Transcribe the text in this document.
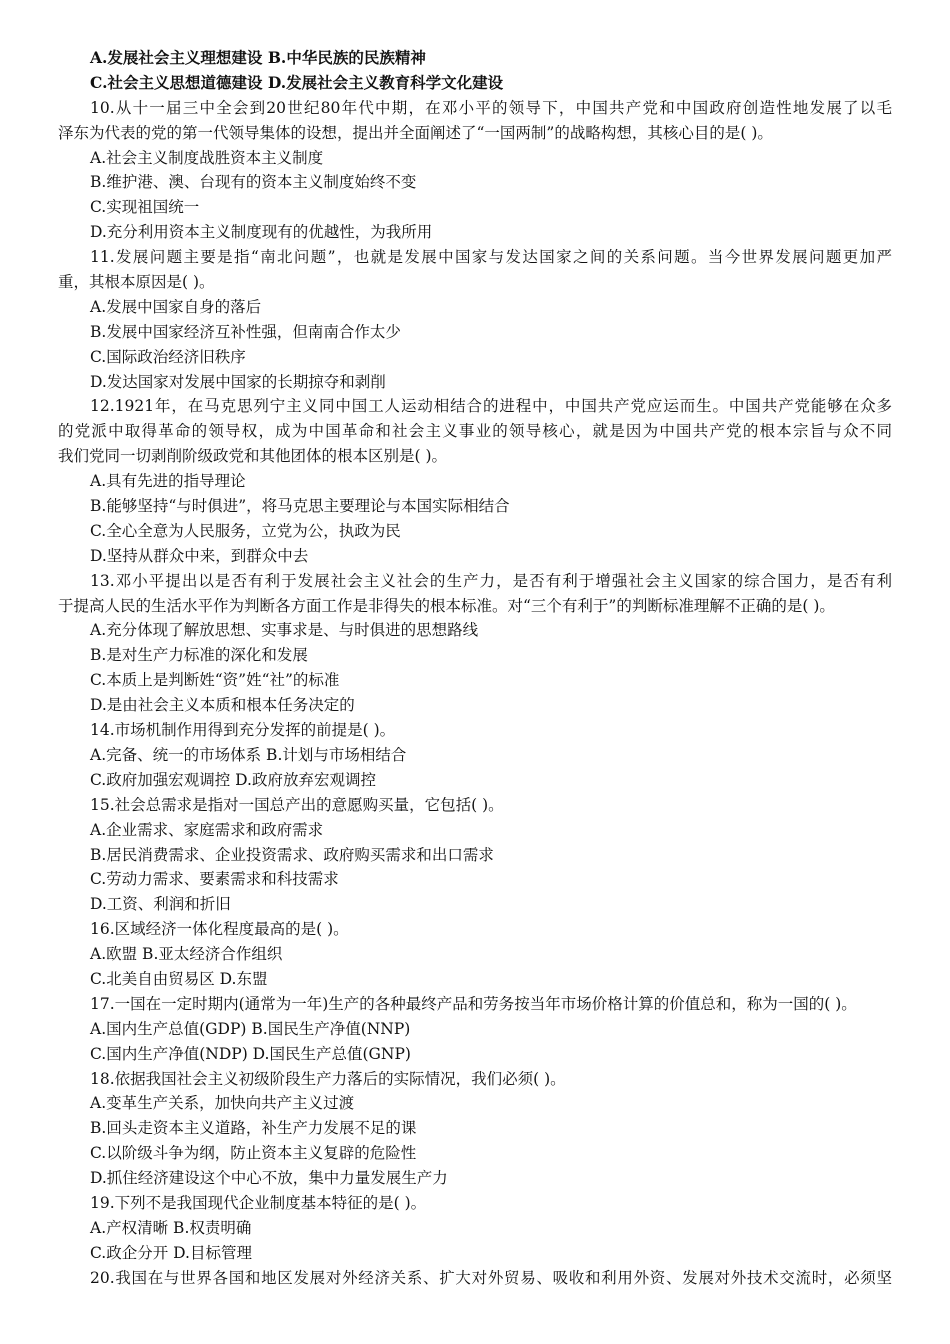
A.发展社会主义理想建设 B.中华民族的民族精神
C.社会主义思想道德建设 D.发展社会主义教育科学文化建设
10.从十一届三中全会到20世纪80年代中期，在邓小平的领导下，中国共产党和中国政府创造性地发展了以毛
泽东为代表的党的第一代领导集体的设想，提出并全面阐述了“一国两制”的战略构想，其核心目的是( )。
A.社会主义制度战胜资本主义制度
B.维护港、澳、台现有的资本主义制度始终不变
C.实现祖国统一
D.充分利用资本主义制度现有的优越性，为我所用
11.发展问题主要是指“南北问题”，也就是发展中国家与发达国家之间的关系问题。当今世界发展问题更加严
重，其根本原因是( )。
A.发展中国家自身的落后
B.发展中国家经济互补性强，但南南合作太少
C.国际政治经济旧秩序
D.发达国家对发展中国家的长期掠夺和剥削
12.1921年，在马克思列宁主义同中国工人运动相结合的进程中，中国共产党应运而生。中国共产党能够在众多
的党派中取得革命的领导权，成为中国革命和社会主义事业的领导核心，就是因为中国共产党的根本宗旨与众不同
我们党同一切剥削阶级政党和其他团体的根本区别是( )。
A.具有先进的指导理论
B.能够坚持“与时俱进”，将马克思主要理论与本国实际相结合
C.全心全意为人民服务，立党为公，执政为民
D.坚持从群众中来，到群众中去
13.邓小平提出以是否有利于发展社会主义社会的生产力，是否有利于增强社会主义国家的综合国力，是否有利
于提高人民的生活水平作为判断各方面工作是非得失的根本标准。对“三个有利于”的判断标准理解不正确的是( )。
A.充分体现了解放思想、实事求是、与时俱进的思想路线
B.是对生产力标准的深化和发展
C.本质上是判断姓“资”姓“社”的标准
D.是由社会主义本质和根本任务决定的
14.市场机制作用得到充分发挥的前提是( )。
A.完备、统一的市场体系 B.计划与市场相结合
C.政府加强宏观调控 D.政府放弃宏观调控
15.社会总需求是指对一国总产出的意愿购买量，它包括( )。
A.企业需求、家庭需求和政府需求
B.居民消费需求、企业投资需求、政府购买需求和出口需求
C.劳动力需求、要素需求和科技需求
D.工资、利润和折旧
16.区域经济一体化程度最高的是( )。
A.欧盟 B.亚太经济合作组织
C.北美自由贸易区 D.东盟
17.一国在一定时期内(通常为一年)生产的各种最终产品和劳务按当年市场价格计算的价值总和，称为一国的( )。
A.国内生产总值(GDP) B.国民生产净值(NNP)
C.国内生产净值(NDP) D.国民生产总值(GNP)
18.依据我国社会主义初级阶段生产力落后的实际情况，我们必须( )。
A.变革生产关系，加快向共产主义过渡
B.回头走资本主义道路，补生产力发展不足的课
C.以阶级斗争为纲，防止资本主义复辟的危险性
D.抓住经济建设这个中心不放，集中力量发展生产力
19.下列不是我国现代企业制度基本特征的是( )。
A.产权清晰 B.权责明确
C.政企分开 D.目标管理
20.我国在与世界各国和地区发展对外经济关系、扩大对外贸易、吸收和利用外资、发展对外技术交流时，必须坚
